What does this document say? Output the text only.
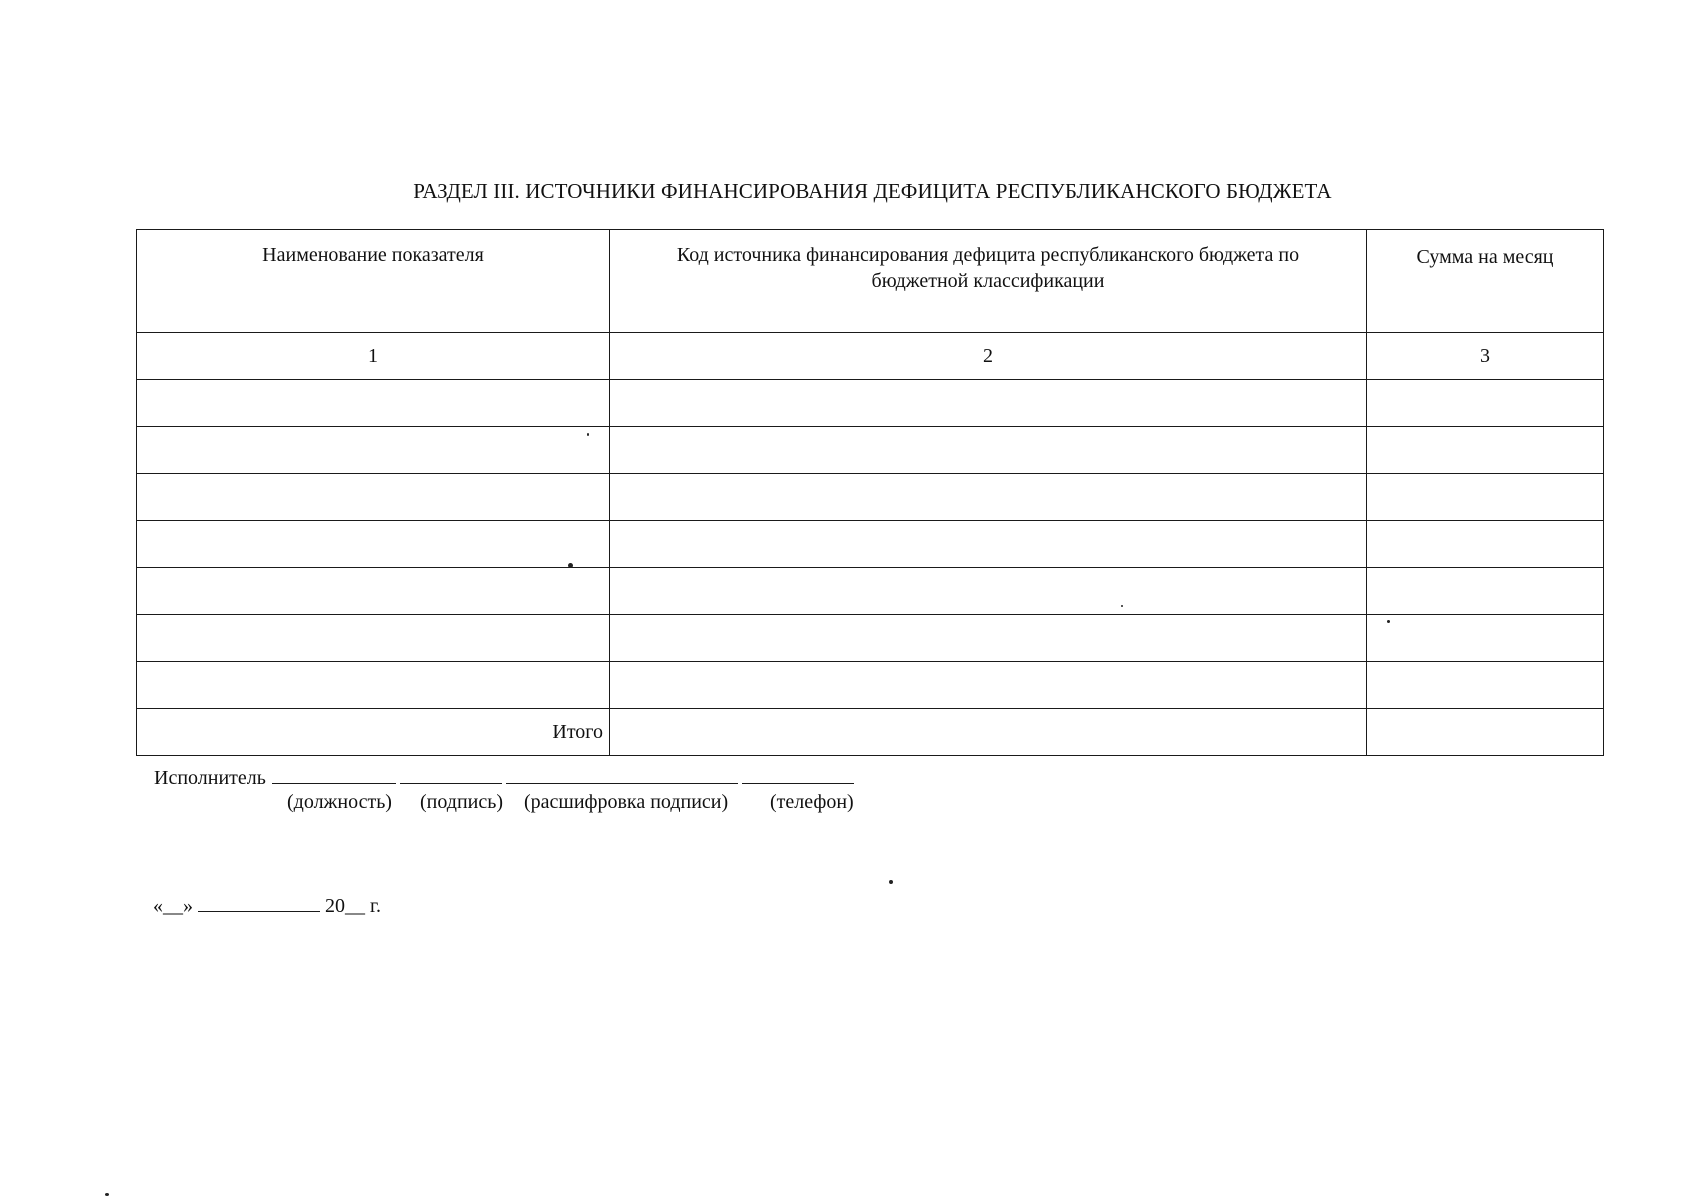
РАЗДЕЛ III. ИСТОЧНИКИ ФИНАНСИРОВАНИЯ ДЕФИЦИТА РЕСПУБЛИКАНСКОГО БЮДЖЕТА
Наименование показателя	Код источника финансирования дефицита республиканского бюджета по бюджетной классификации	Сумма на месяц
1	2	3

Итого		
Исполнитель
(должность) (подпись) (расшифровка подписи) (телефон)
«__»	20__ г.
